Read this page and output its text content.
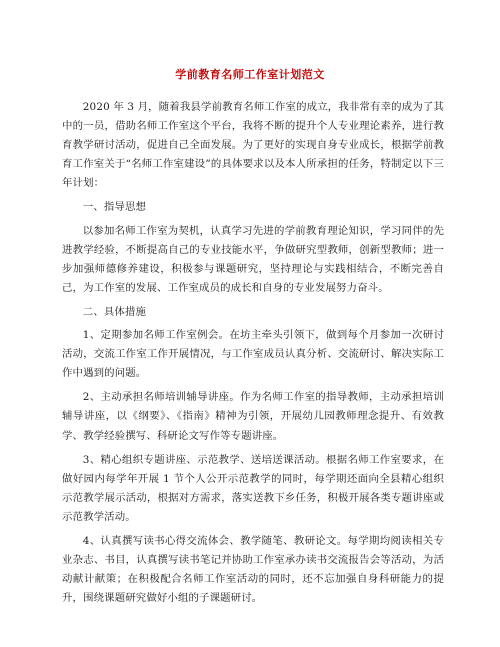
学前教育名师工作室计划范文

2020 年 3 月，随着我县学前教育名师工作室的成立，我非常有幸的成为了其中的一员，借助名师工作室这个平台，我将不断的提升个人专业理论素养，进行教育教学研讨活动，促进自己全面发展。为了更好的实现自身专业成长，根据学前教育工作室关于“名师工作室建设”的具体要求以及本人所承担的任务，特制定以下三年计划：

一、指导思想

以参加名师工作室为契机，认真学习先进的学前教育理论知识，学习同伴的先进教学经验，不断提高自己的专业技能水平，争做研究型教师，创新型教师；进一步加强师德修养建设，积极参与课题研究，坚持理论与实践相结合，不断完善自己，为工作室的发展、工作室成员的成长和自身的专业发展努力奋斗。

二、具体措施

1、定期参加名师工作室例会。在坊主牵头引领下，做到每个月参加一次研讨活动，交流工作室工作开展情况，与工作室成员认真分析、交流研讨、解决实际工作中遇到的问题。

2、主动承担名师培训辅导讲座。作为名师工作室的指导教师，主动承担培训辅导讲座，以《纲要》、《指南》精神为引领，开展幼儿园教师理念提升、有效教学、教学经验撰写、科研论文写作等专题讲座。

3、精心组织专题讲座、示范教学、送培送课活动。根据名师工作室要求，在做好园内每学年开展 1 节个人公开示范教学的同时，每学期还面向全县精心组织示范教学展示活动，根据对方需求，落实送教下乡任务，积极开展各类专题讲座或示范教学活动。

4、认真撰写读书心得交流体会、教学随笔、教研论文。每学期均阅读相关专业杂志、书目，认真撰写读书笔记并协助工作室承办读书交流报告会等活动，为活动献计献策；在积极配合名师工作室活动的同时，还不忘加强自身科研能力的提升，围绕课题研究做好小组的子课题研讨。
